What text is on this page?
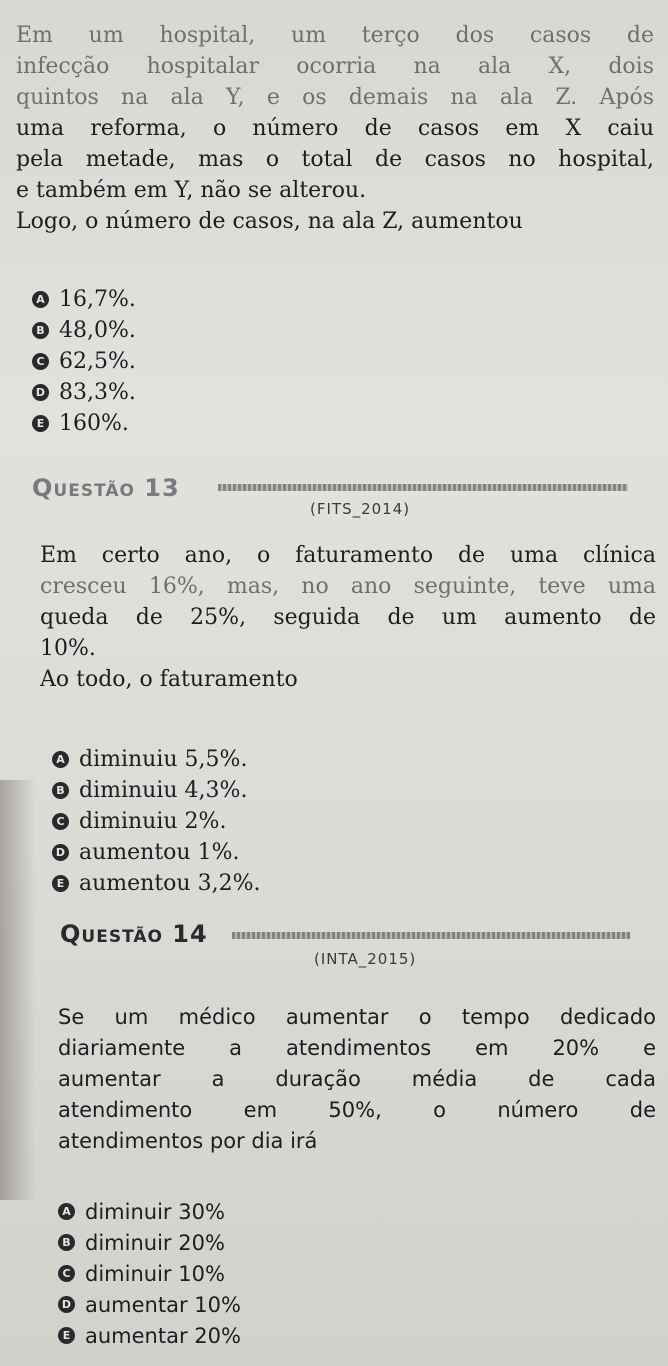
Em um hospital, um terço dos casos de
infecção hospitalar ocorria na ala X, dois
quintos na ala Y, e os demais na ala Z. Após
uma reforma, o número de casos em X caiu
pela metade, mas o total de casos no hospital,
e também em Y, não se alterou.
Logo, o número de casos, na ala Z, aumentou
A 16,7%.
B 48,0%.
C 62,5%.
D 83,3%.
E 160%.
Questão 13
(FITS_2014)
Em certo ano, o faturamento de uma clínica
cresceu 16%, mas, no ano seguinte, teve uma
queda de 25%, seguida de um aumento de
10%.
Ao todo, o faturamento
A diminuiu 5,5%.
B diminuiu 4,3%.
C diminuiu 2%.
D aumentou 1%.
E aumentou 3,2%.
Questão 14
(INTA_2015)
Se um médico aumentar o tempo dedicado
diariamente a atendimentos em 20% e
aumentar a duração média de cada
atendimento em 50%, o número de
atendimentos por dia irá
A diminuir 30%
B diminuir 20%
C diminuir 10%
D aumentar 10%
E aumentar 20%
